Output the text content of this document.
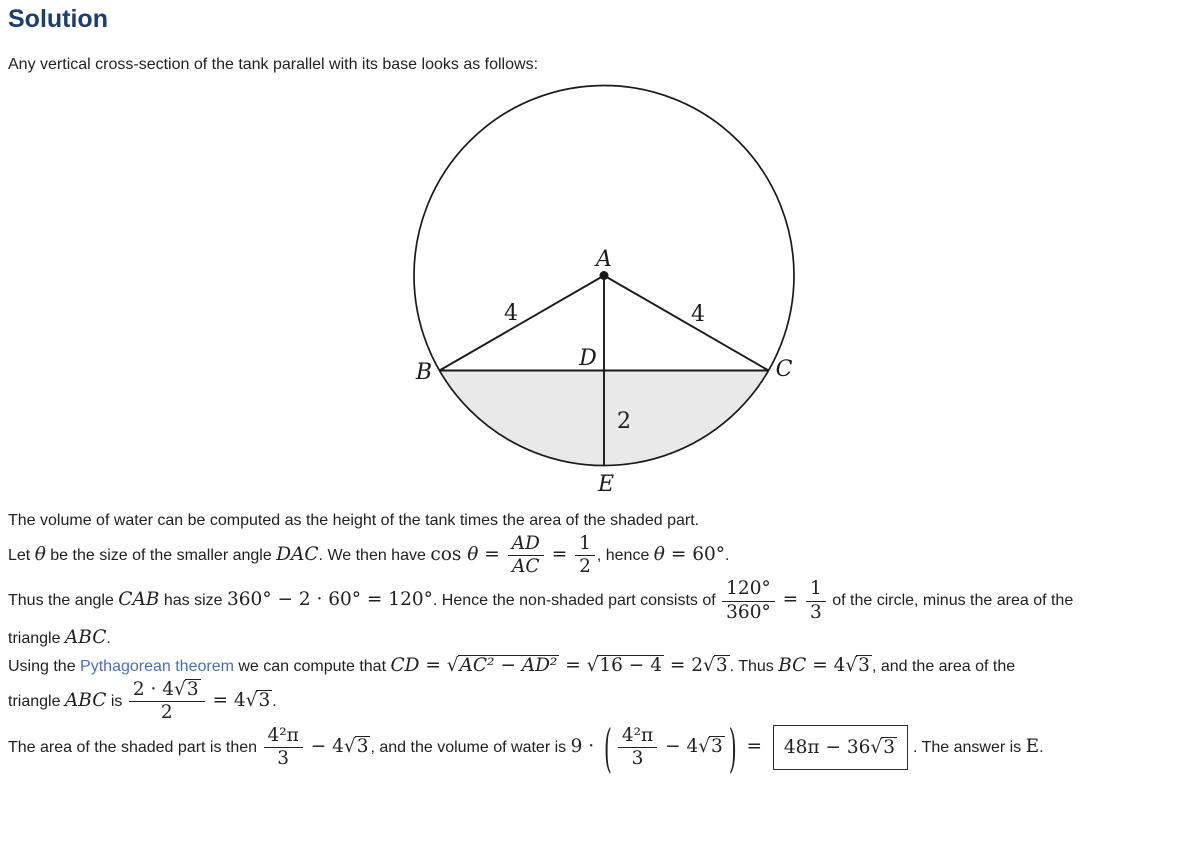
Solution

Any vertical cross-section of the tank parallel with its base looks as follows:

A
B	C
D
E
4	4
2

The volume of water can be computed as the height of the tank times the area of the shaded part.

Let θ be the size of the smaller angle DAC. We then have $\cos \theta = \frac{AD}{AC} = \frac{1}{2}$ , hence θ = 60°.

Thus the angle CAB has size 360° − 2 · 60° = 120°. Hence the non-shaded part consists of $\frac{120^\circ}{360^\circ} = \frac{1}{3}$ of the circle, minus the area of the
triangle ABC.

Using the Pythagorean theorem we can compute that CD = √AC² − AD² = √16 − 4 = 2√3 . Thus BC = 4√3 , and the area of the
triangle ABC is $\frac{2 \cdot 4√3}{2} = 4√3$ .

The area of the shaded part is then $\frac{\text{4²π}}{3} - 4√3$ , and the volume of water is 9 · ( $\frac{\text{4²π}}{3} - 4√3$ ) = 48π − 36√3 . The answer is E.
